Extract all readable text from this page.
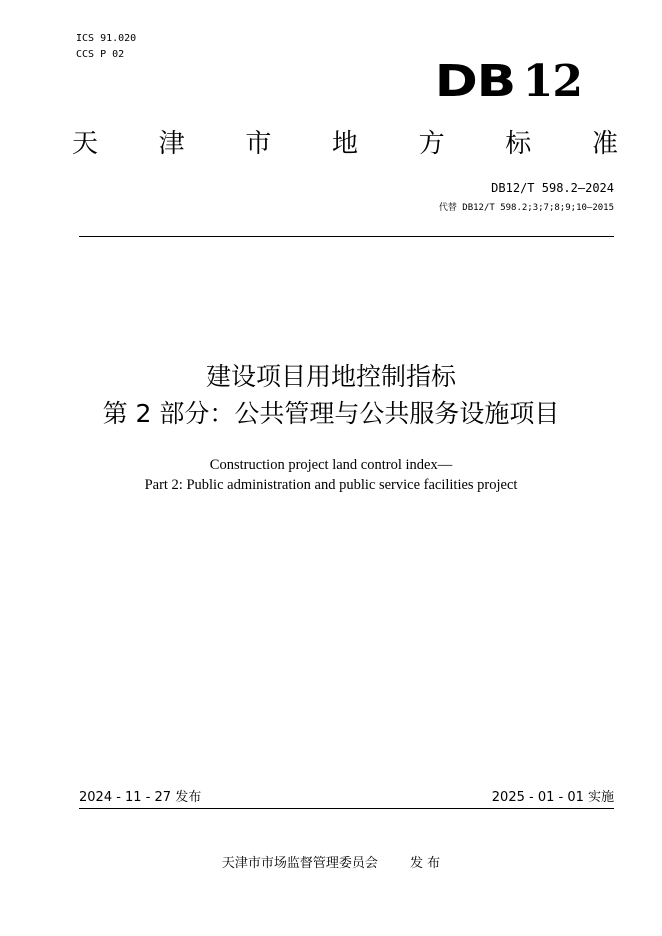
ICS 91.020
CCS P 02
DB 12
天 津 市 地 方 标 准
DB12/T 598.2—2024
代替 DB12/T 598.2;3;7;8;9;10—2015
建设项目用地控制指标
第 2 部分：公共管理与公共服务设施项目
Construction project land control index—
Part 2: Public administration and public service facilities project
2024 - 11 - 27 发布	2025 - 01 - 01 实施
天津市市场监督管理委员会 发 布
